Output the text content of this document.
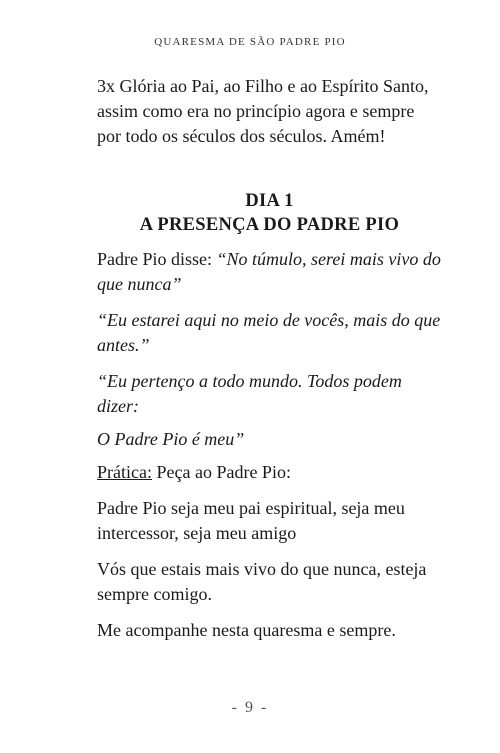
QUARESMA DE SÃO PADRE PIO

3x Glória ao Pai, ao Filho e ao Espírito Santo, assim como era no princípio agora e sempre por todo os séculos dos séculos. Amém!

DIA 1
A PRESENÇA DO PADRE PIO

Padre Pio disse: “No túmulo, serei mais vivo do que nunca”

“Eu estarei aqui no meio de vocês, mais do que antes.”

“Eu pertenço a todo mundo. Todos podem dizer:

O Padre Pio é meu”

Prática: Peça ao Padre Pio:

Padre Pio seja meu pai espiritual, seja meu intercessor, seja meu amigo

Vós que estais mais vivo do que nunca, esteja sempre comigo.

Me acompanhe nesta quaresma e sempre.

- 9 -
